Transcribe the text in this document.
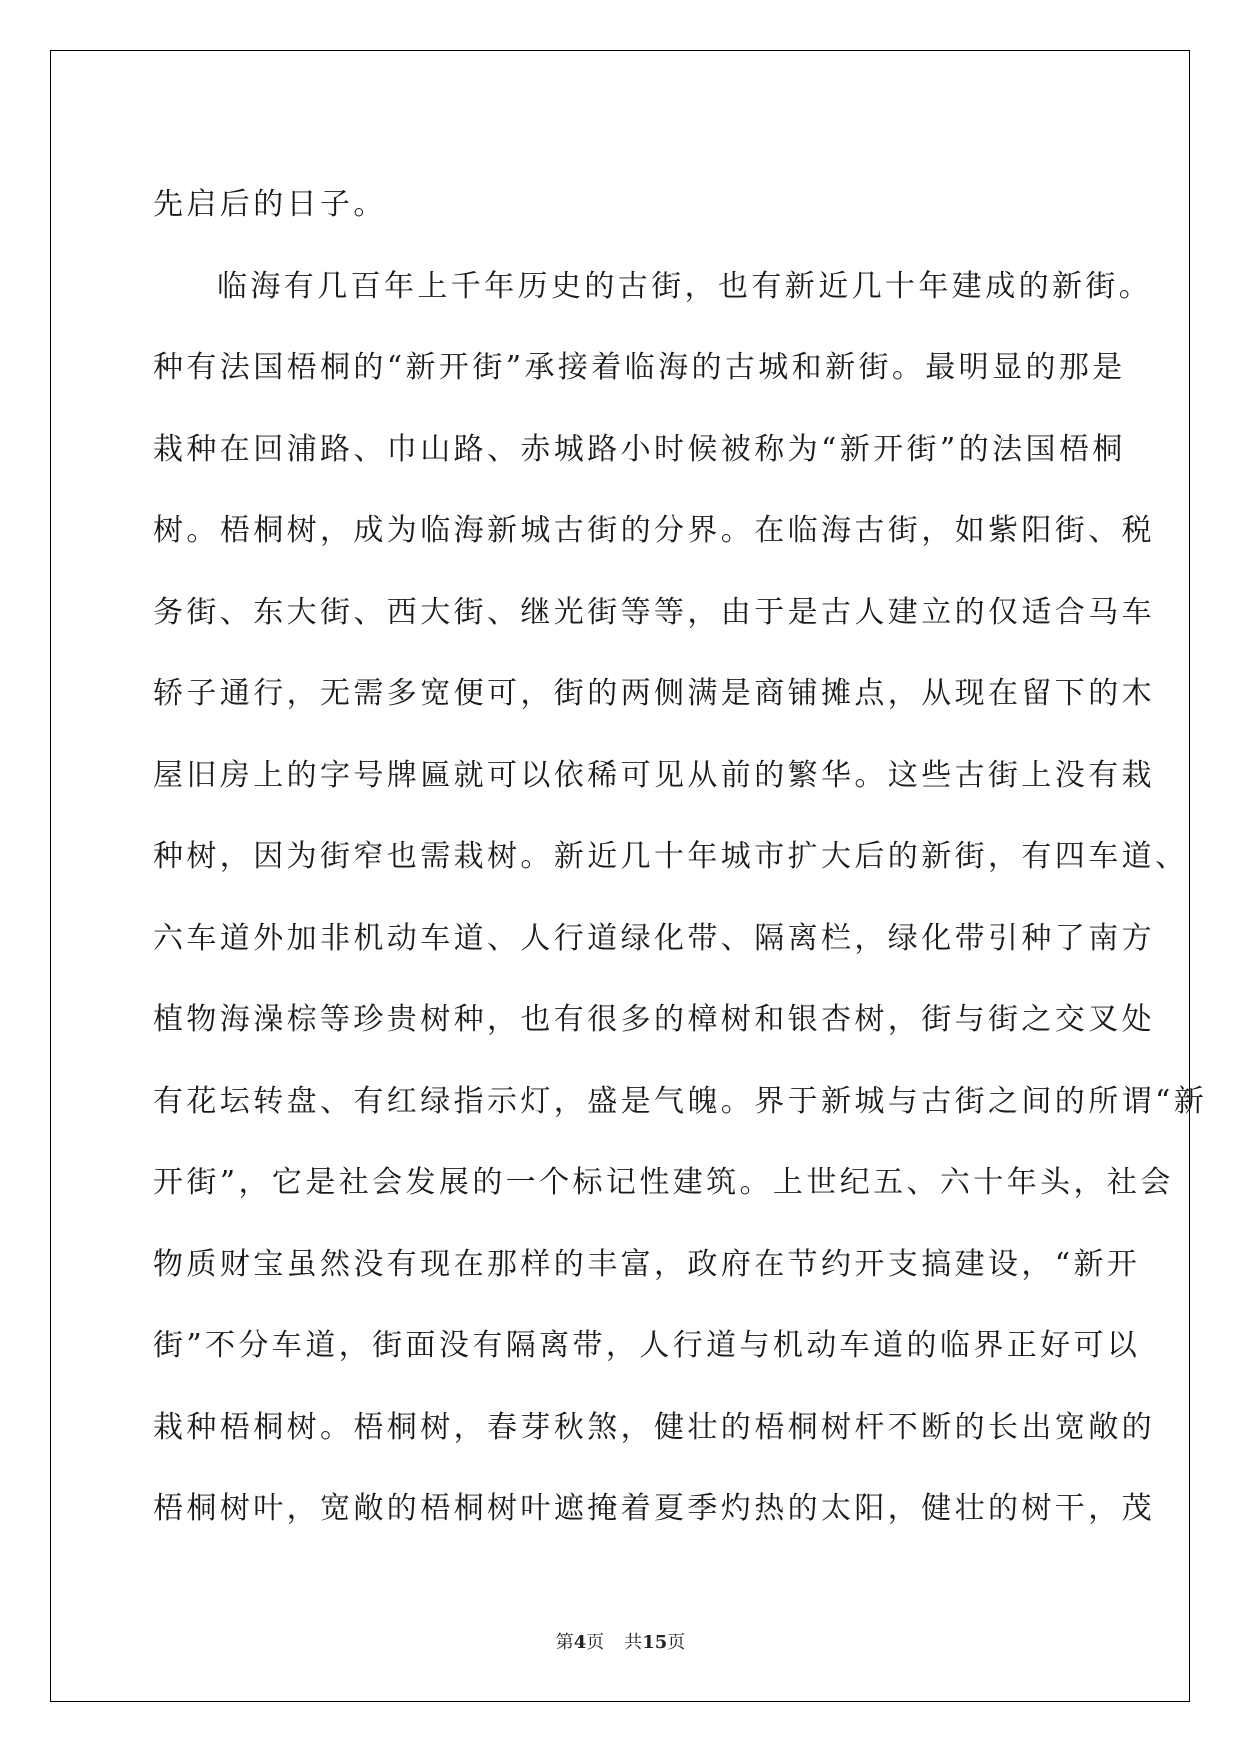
先启后的日子。
临海有几百年上千年历史的古街，也有新近几十年建成的新街。
种有法国梧桐的“新开街”承接着临海的古城和新街。最明显的那是
栽种在回浦路、巾山路、赤城路小时候被称为“新开街”的法国梧桐
树。梧桐树，成为临海新城古街的分界。在临海古街，如紫阳街、税
务街、东大街、西大街、继光街等等，由于是古人建立的仅适合马车
轿子通行，无需多宽便可，街的两侧满是商铺摊点，从现在留下的木
屋旧房上的字号牌匾就可以依稀可见从前的繁华。这些古街上没有栽
种树，因为街窄也需栽树。新近几十年城市扩大后的新街，有四车道、
六车道外加非机动车道、人行道绿化带、隔离栏，绿化带引种了南方
植物海澡棕等珍贵树种，也有很多的樟树和银杏树，街与街之交叉处
有花坛转盘、有红绿指示灯，盛是气魄。界于新城与古街之间的所谓“新
开街”，它是社会发展的一个标记性建筑。上世纪五、六十年头，社会
物质财宝虽然没有现在那样的丰富，政府在节约开支搞建设，“新开
街”不分车道，街面没有隔离带，人行道与机动车道的临界正好可以
栽种梧桐树。梧桐树，春芽秋煞，健壮的梧桐树杆不断的长出宽敞的
梧桐树叶，宽敞的梧桐树叶遮掩着夏季灼热的太阳，健壮的树干，茂
第4页 共15页
